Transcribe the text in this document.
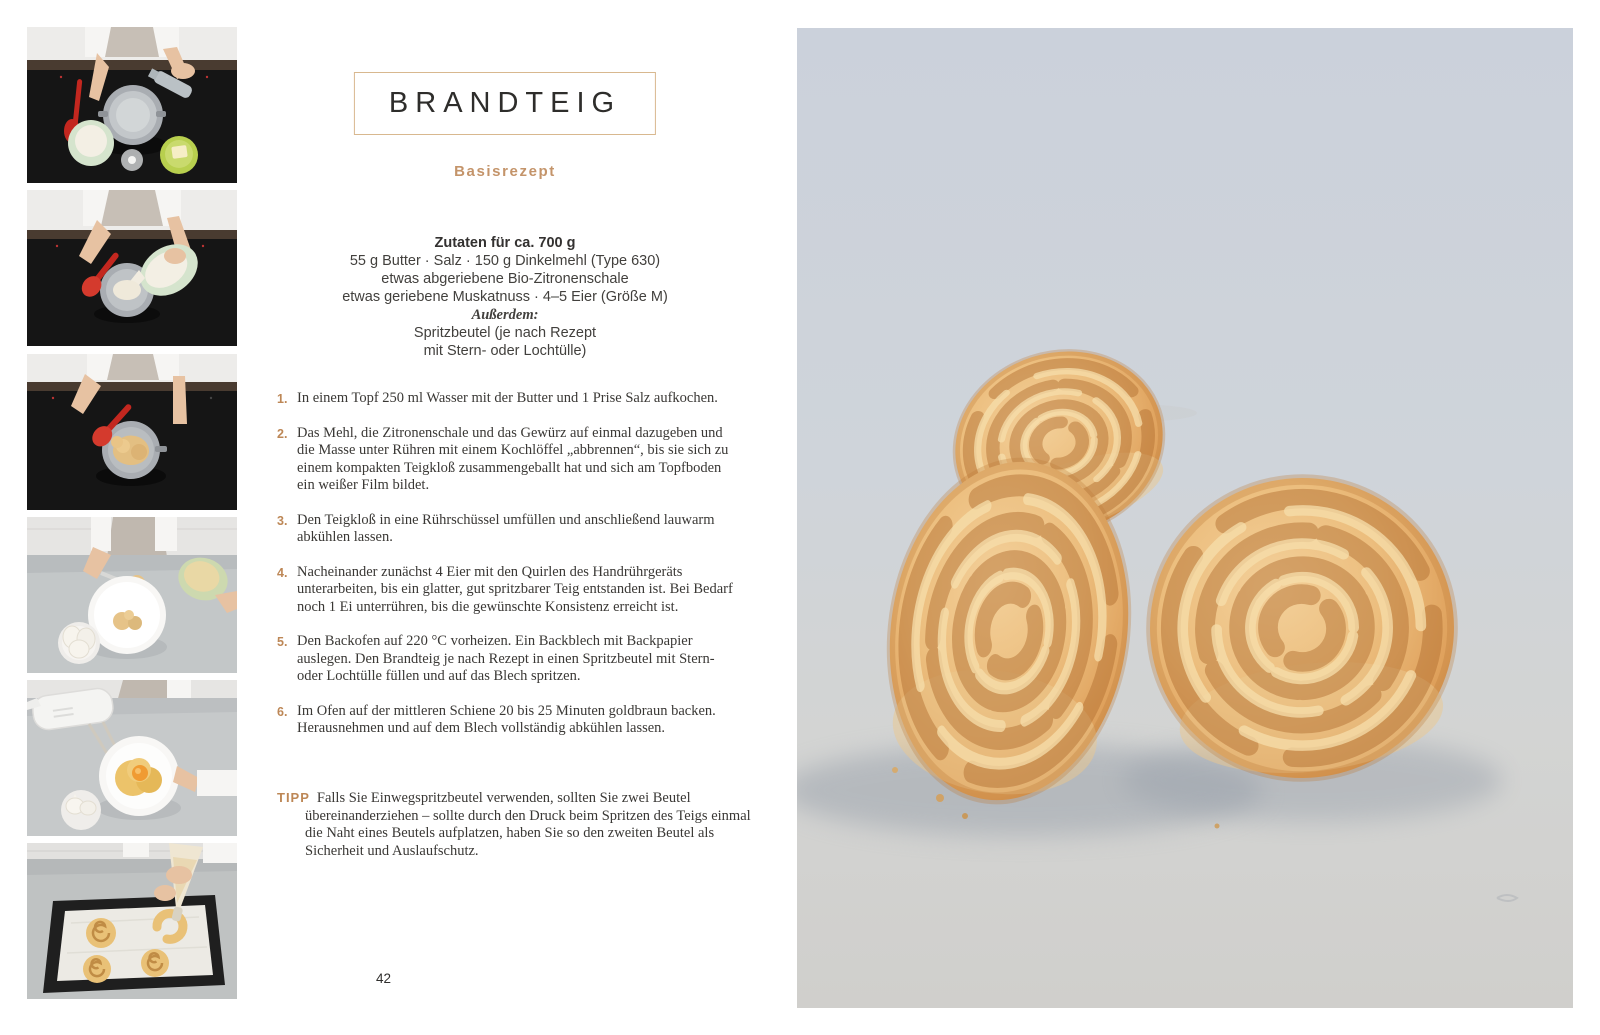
BRANDTEIG
Basisrezept
Zutaten für ca. 700 g
55 g Butter · Salz · 150 g Dinkelmehl (Type 630)
etwas abgeriebene Bio-Zitronenschale
etwas geriebene Muskatnuss · 4–5 Eier (Größe M)
Außerdem:
Spritzbeutel (je nach Rezept
mit Stern- oder Lochtülle)
1. In einem Topf 250 ml Wasser mit der Butter und 1 Prise Salz aufkochen.
2. Das Mehl, die Zitronenschale und das Gewürz auf einmal dazugeben und die Masse unter Rühren mit einem Kochlöffel „abbrennen“, bis sie sich zu einem kompakten Teigkloß zusammengeballt hat und sich am Topfboden ein weißer Film bildet.
3. Den Teigkloß in eine Rührschüssel umfüllen und anschließend lauwarm abkühlen lassen.
4. Nacheinander zunächst 4 Eier mit den Quirlen des Handrührgeräts unterarbeiten, bis ein glatter, gut spritzbarer Teig entstanden ist. Bei Bedarf noch 1 Ei unterrühren, bis die gewünschte Konsistenz erreicht ist.
5. Den Backofen auf 220 °C vorheizen. Ein Backblech mit Backpapier auslegen. Den Brandteig je nach Rezept in einen Spritzbeutel mit Stern- oder Lochtülle füllen und auf das Blech spritzen.
6. Im Ofen auf der mittleren Schiene 20 bis 25 Minuten goldbraun backen. Herausnehmen und auf dem Blech vollständig abkühlen lassen.

TIPP Falls Sie Einwegspritzbeutel verwenden, sollten Sie zwei Beutel übereinanderziehen – sollte durch den Druck beim Spritzen des Teigs einmal die Naht eines Beutels aufplatzen, haben Sie so den zweiten Beutel als Sicherheit und Auslaufschutz.

42
